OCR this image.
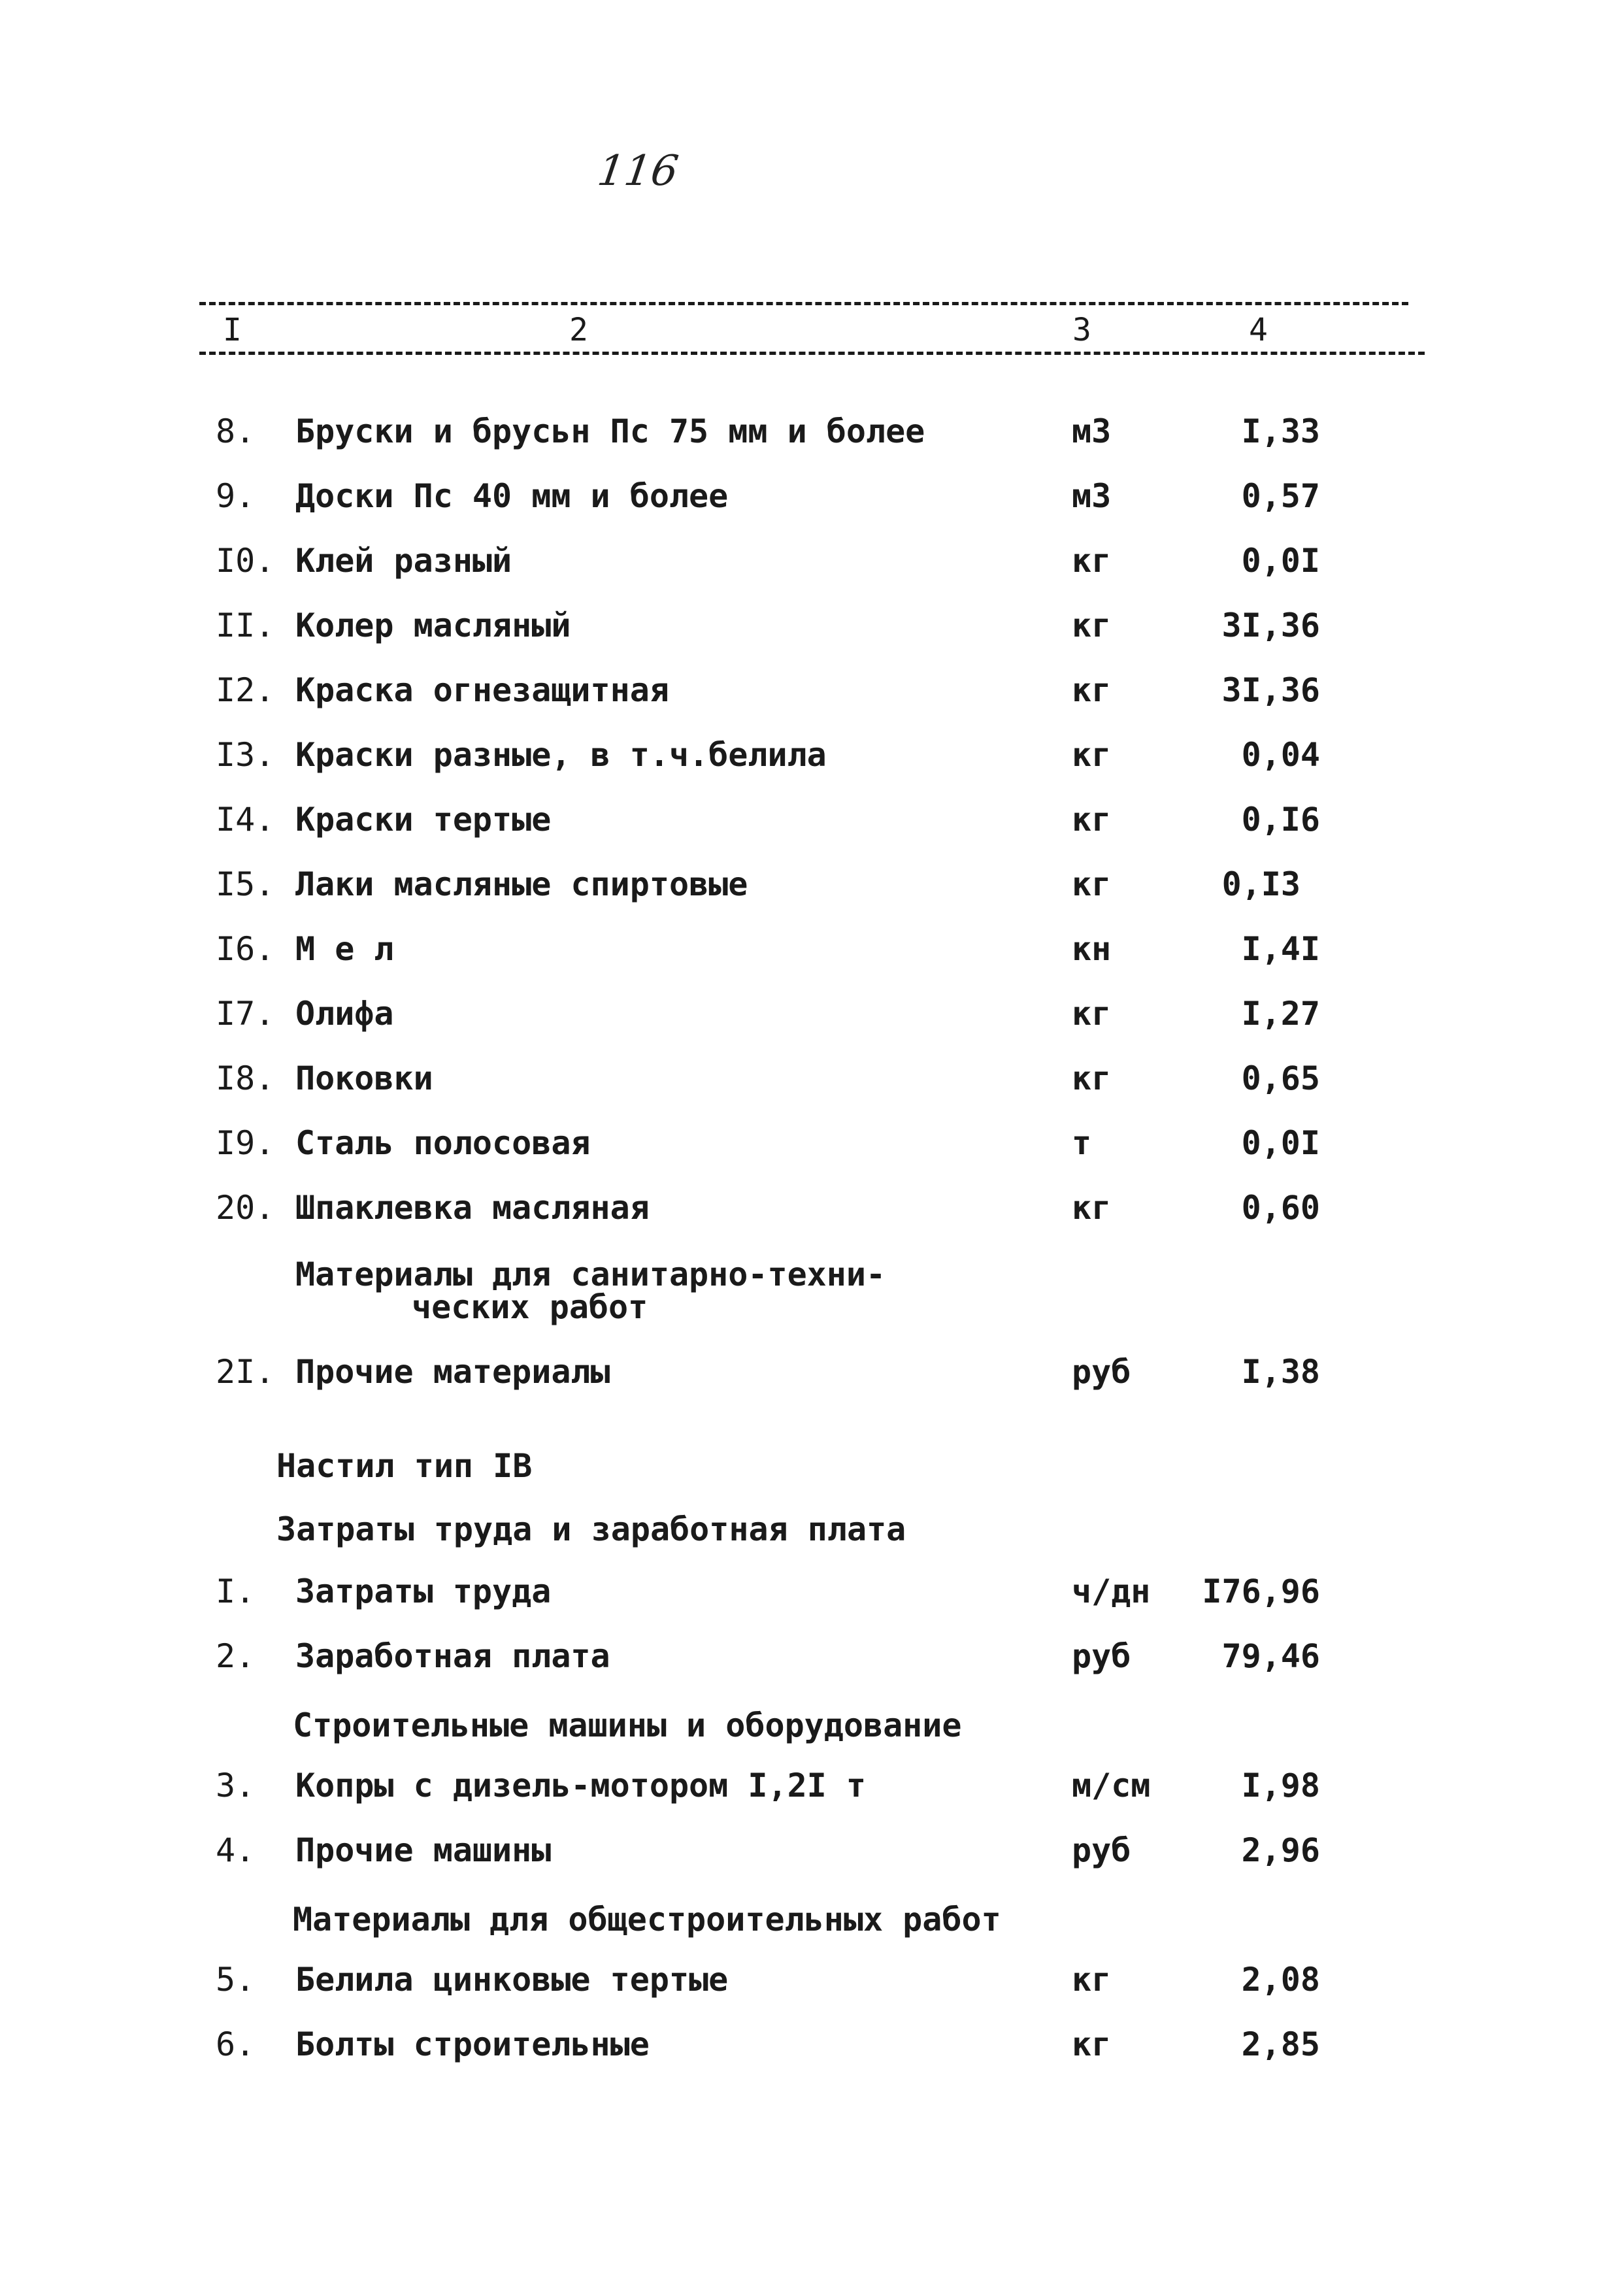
116
I	2	3	4
8. Бруски и брусьн Пс 75 мм и более	м3	I,33
9. Доски Пс 40 мм и более	м3	0,57
I0. Клей разный	кг	0,0I
II. Колер масляный	кг	3I,36
I2. Краска огнезащитная	кг	3I,36
I3. Краски разные, в т.ч.белила	кг	0,04
I4. Краски тертые	кг	0,I6
I5. Лаки масляные спиртовые	кг	0,I3
I6. М е л	кн	I,4I
I7. Олифа	кг	I,27
I8. Поковки	кг	0,65
I9. Сталь полосовая	т	0,0I
20. Шпаклевка масляная	кг	0,60
Материалы для санитарно-техни-
ческих работ
2I. Прочие материалы	руб	I,38
Настил тип IВ
Затраты труда и заработная плата
I. Затраты труда	ч/дн	I76,96
2. Заработная плата	руб	79,46
Строительные машины и оборудование
3. Копры с дизель-мотором I,2I т	м/см	I,98
4. Прочие машины	руб	2,96
Материалы для общестроительных работ
5. Белила цинковые тертые	кг	2,08
6. Болты строительные	кг	2,85
